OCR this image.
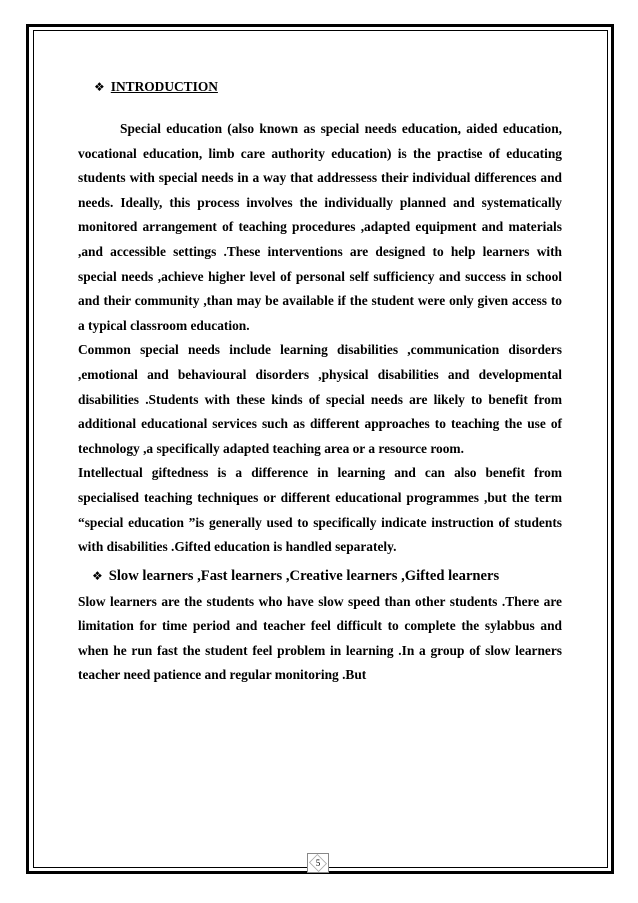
❖ INTRODUCTION

Special education (also known as special needs education, aided education, vocational education, limb care authority education) is the practise of educating students with special needs in a way that addressess their individual differences and needs. Ideally, this process involves the individually planned and systematically monitored arrangement of teaching procedures ,adapted equipment and materials ,and accessible settings .These interventions are designed to help learners with special needs ,achieve higher level of personal self sufficiency and success in school and their community ,than may be available if the student were only given access to a typical classroom education.

Common special needs include learning disabilities ,communication disorders ,emotional and behavioural disorders ,physical disabilities and developmental disabilities .Students with these kinds of special needs are likely to benefit from additional educational services such as different approaches to teaching the use of technology ,a specifically adapted teaching area or a resource room.

Intellectual giftedness is a difference in learning and can also benefit from specialised teaching techniques or different educational programmes ,but the term “special education ”is generally used to specifically indicate instruction of students with disabilities .Gifted education is handled separately.

❖ Slow learners ,Fast learners ,Creative learners ,Gifted learners

Slow learners are the students who have slow speed than other students .There are limitation for time period and teacher feel difficult to complete the sylabbus and when he run fast the student feel problem in learning .In a group of slow learners teacher need patience and regular monitoring .But

5
